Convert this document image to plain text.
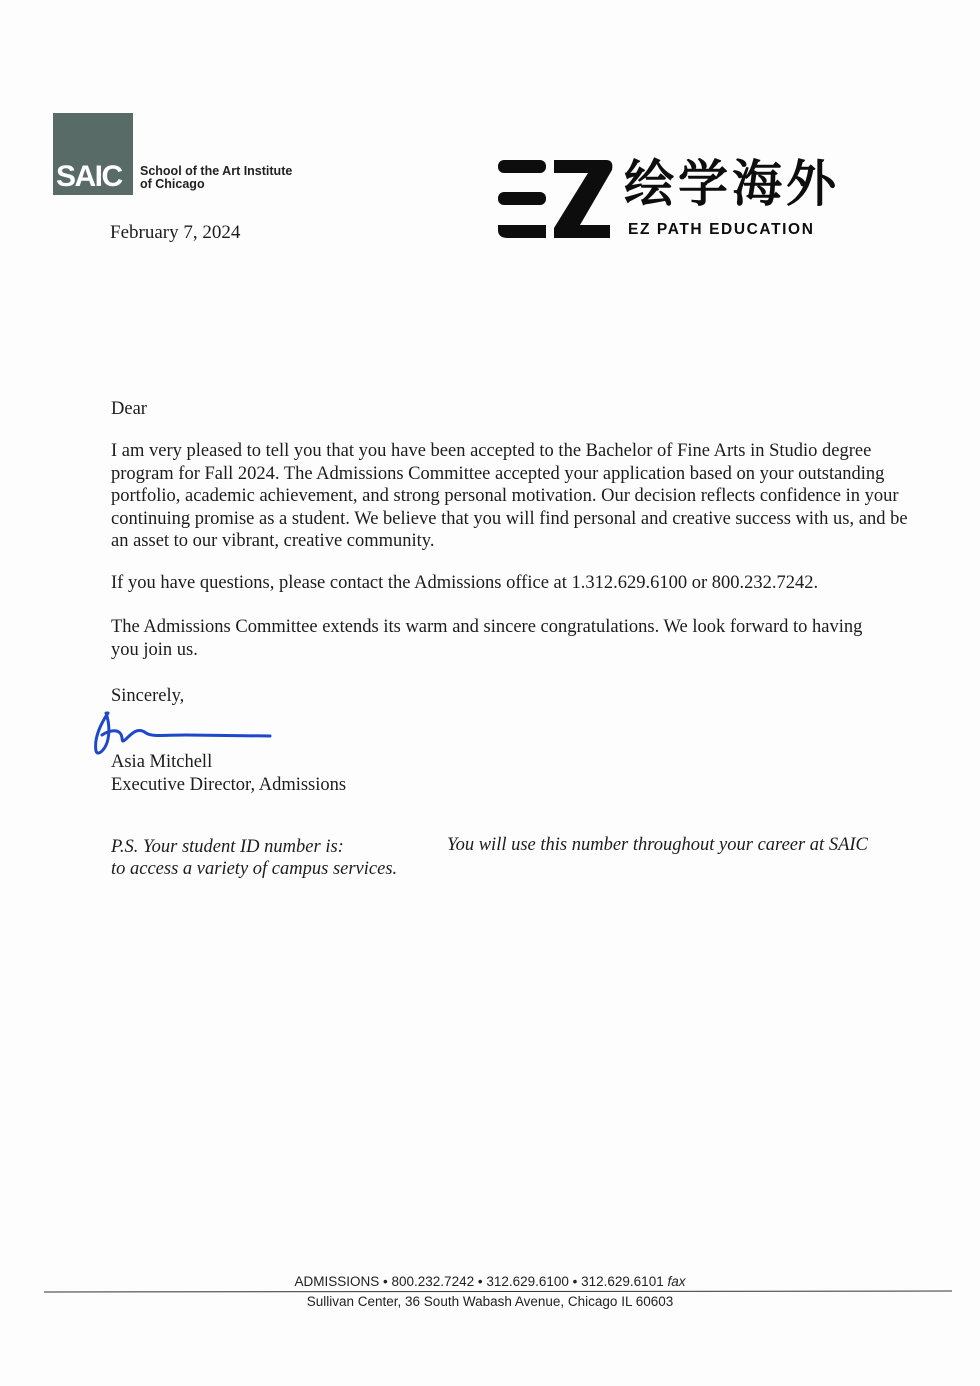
SAIC School of the Art Institute
of Chicago
February 7, 2024
绘学海外
EZ PATH EDUCATION
Dear
I am very pleased to tell you that you have been accepted to the Bachelor of Fine Arts in Studio degree program for Fall 2024. The Admissions Committee accepted your application based on your outstanding portfolio, academic achievement, and strong personal motivation. Our decision reflects confidence in your continuing promise as a student. We believe that you will find personal and creative success with us, and be an asset to our vibrant, creative community.
If you have questions, please contact the Admissions office at 1.312.629.6100 or 800.232.7242.
The Admissions Committee extends its warm and sincere congratulations. We look forward to having you join us.
Sincerely,
Asia Mitchell
Executive Director, Admissions
P.S. Your student ID number is:	You will use this number throughout your career at SAIC
to access a variety of campus services.
ADMISSIONS • 800.232.7242 • 312.629.6100 • 312.629.6101 fax
Sullivan Center, 36 South Wabash Avenue, Chicago IL 60603
